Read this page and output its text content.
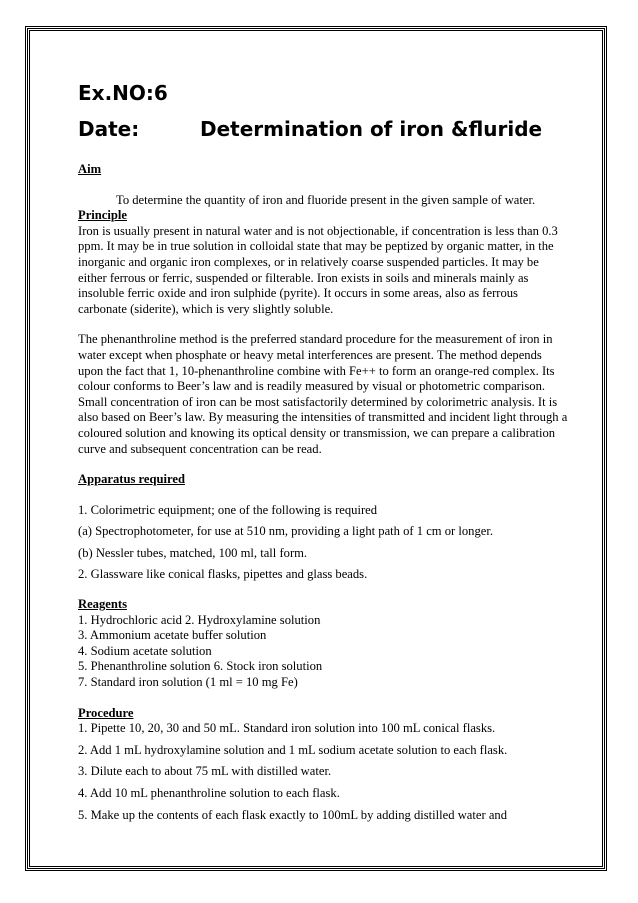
Ex.NO:6
Date:	Determination of iron &fluride
Aim

To determine the quantity of iron and fluoride present in the given sample of water.

Principle

Iron is usually present in natural water and is not objectionable, if concentration is less than 0.3 ppm. It may be in true solution in colloidal state that may be peptized by organic matter, in the inorganic and organic iron complexes, or in relatively coarse suspended particles. It may be either ferrous or ferric, suspended or filterable. Iron exists in soils and minerals mainly as insoluble ferric oxide and iron sulphide (pyrite). It occurs in some areas, also as ferrous carbonate (siderite), which is very slightly soluble.

The phenanthroline method is the preferred standard procedure for the measurement of iron in water except when phosphate or heavy metal interferences are present. The method depends upon the fact that 1, 10-phenanthroline combine with Fe++ to form an orange-red complex. Its colour conforms to Beer’s law and is readily measured by visual or photometric comparison. Small concentration of iron can be most satisfactorily determined by colorimetric analysis. It is also based on Beer’s law. By measuring the intensities of transmitted and incident light through a coloured solution and knowing its optical density or transmission, we can prepare a calibration curve and subsequent concentration can be read.

Apparatus required
1. Colorimetric equipment; one of the following is required
(a) Spectrophotometer, for use at 510 nm, providing a light path of 1 cm or longer.
(b) Nessler tubes, matched, 100 ml, tall form.
2. Glassware like conical flasks, pipettes and glass beads.
Reagents
1. Hydrochloric acid 2. Hydroxylamine solution
3. Ammonium acetate buffer solution
4. Sodium acetate solution
5. Phenanthroline solution 6. Stock iron solution
7. Standard iron solution (1 ml = 10 mg Fe)
Procedure
1. Pipette 10, 20, 30 and 50 mL. Standard iron solution into 100 mL conical flasks.
2. Add 1 mL hydroxylamine solution and 1 mL sodium acetate solution to each flask.
3. Dilute each to about 75 mL with distilled water.
4. Add 10 mL phenanthroline solution to each flask.
5. Make up the contents of each flask exactly to 100mL by adding distilled water and
